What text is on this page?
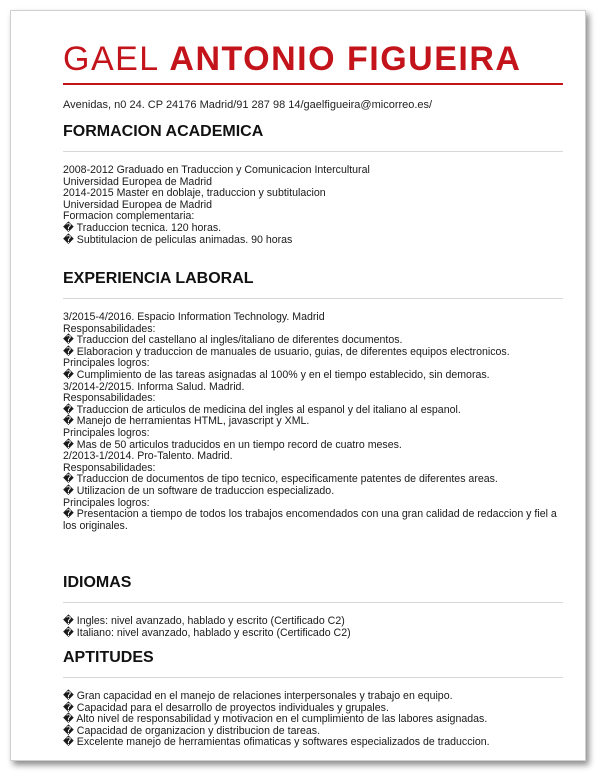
GAEL ANTONIO FIGUEIRA
Avenidas, n0 24. CP 24176 Madrid/91 287 98 14/gaelfigueira@micorreo.es/
FORMACION ACADEMICA
2008-2012 Graduado en Traduccion y Comunicacion Intercultural
Universidad Europea de Madrid
2014-2015 Master en doblaje, traduccion y subtitulacion
Universidad Europea de Madrid
Formacion complementaria:
� Traduccion tecnica. 120 horas.
� Subtitulacion de peliculas animadas. 90 horas
EXPERIENCIA LABORAL
3/2015-4/2016. Espacio Information Technology. Madrid
Responsabilidades:
� Traduccion del castellano al ingles/italiano de diferentes documentos.
� Elaboracion y traduccion de manuales de usuario, guias, de diferentes equipos electronicos.
Principales logros:
� Cumplimiento de las tareas asignadas al 100% y en el tiempo establecido, sin demoras.
3/2014-2/2015. Informa Salud. Madrid.
Responsabilidades:
� Traduccion de articulos de medicina del ingles al espanol y del italiano al espanol.
� Manejo de herramientas HTML, javascript y XML.
Principales logros:
� Mas de 50 articulos traducidos en un tiempo record de cuatro meses.
2/2013-1/2014. Pro-Talento. Madrid.
Responsabilidades:
� Traduccion de documentos de tipo tecnico, especificamente patentes de diferentes areas.
� Utilizacion de un software de traduccion especializado.
Principales logros:
� Presentacion a tiempo de todos los trabajos encomendados con una gran calidad de redaccion y fiel a los originales.
IDIOMAS
� Ingles: nivel avanzado, hablado y escrito (Certificado C2)
� Italiano: nivel avanzado, hablado y escrito (Certificado C2)
APTITUDES
� Gran capacidad en el manejo de relaciones interpersonales y trabajo en equipo.
� Capacidad para el desarrollo de proyectos individuales y grupales.
� Alto nivel de responsabilidad y motivacion en el cumplimiento de las labores asignadas.
� Capacidad de organizacion y distribucion de tareas.
� Excelente manejo de herramientas ofimaticas y softwares especializados de traduccion.
